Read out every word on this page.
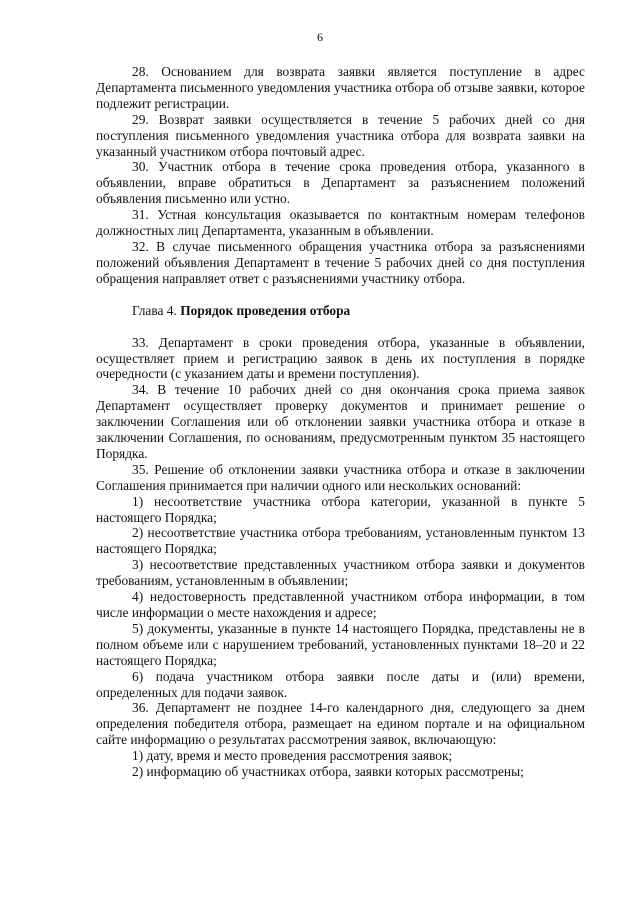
6

28. Основанием для возврата заявки является поступление в адрес Департамента письменного уведомления участника отбора об отзыве заявки, которое подлежит регистрации.

29. Возврат заявки осуществляется в течение 5 рабочих дней со дня поступления письменного уведомления участника отбора для возврата заявки на указанный участником отбора почтовый адрес.

30. Участник отбора в течение срока проведения отбора, указанного в объявлении, вправе обратиться в Департамент за разъяснением положений объявления письменно или устно.

31. Устная консультация оказывается по контактным номерам телефонов должностных лиц Департамента, указанным в объявлении.

32. В случае письменного обращения участника отбора за разъяснениями положений объявления Департамент в течение 5 рабочих дней со дня поступления обращения направляет ответ с разъяснениями участнику отбора.

Глава 4. Порядок проведения отбора

33. Департамент в сроки проведения отбора, указанные в объявлении, осуществляет прием и регистрацию заявок в день их поступления в порядке очередности (с указанием даты и времени поступления).

34. В течение 10 рабочих дней со дня окончания срока приема заявок Департамент осуществляет проверку документов и принимает решение о заключении Соглашения или об отклонении заявки участника отбора и отказе в заключении Соглашения, по основаниям, предусмотренным пунктом 35 настоящего Порядка.

35. Решение об отклонении заявки участника отбора и отказе в заключении Соглашения принимается при наличии одного или нескольких оснований:

1) несоответствие участника отбора категории, указанной в пункте 5 настоящего Порядка;

2) несоответствие участника отбора требованиям, установленным пунктом 13 настоящего Порядка;

3) несоответствие представленных участником отбора заявки и документов требованиям, установленным в объявлении;

4) недостоверность представленной участником отбора информации, в том числе информации о месте нахождения и адресе;

5) документы, указанные в пункте 14 настоящего Порядка, представлены не в полном объеме или с нарушением требований, установленных пунктами 18–20 и 22 настоящего Порядка;

6) подача участником отбора заявки после даты и (или) времени, определенных для подачи заявок.

36. Департамент не позднее 14-го календарного дня, следующего за днем определения победителя отбора, размещает на едином портале и на официальном сайте информацию о результатах рассмотрения заявок, включающую:

1) дату, время и место проведения рассмотрения заявок;

2) информацию об участниках отбора, заявки которых рассмотрены;
